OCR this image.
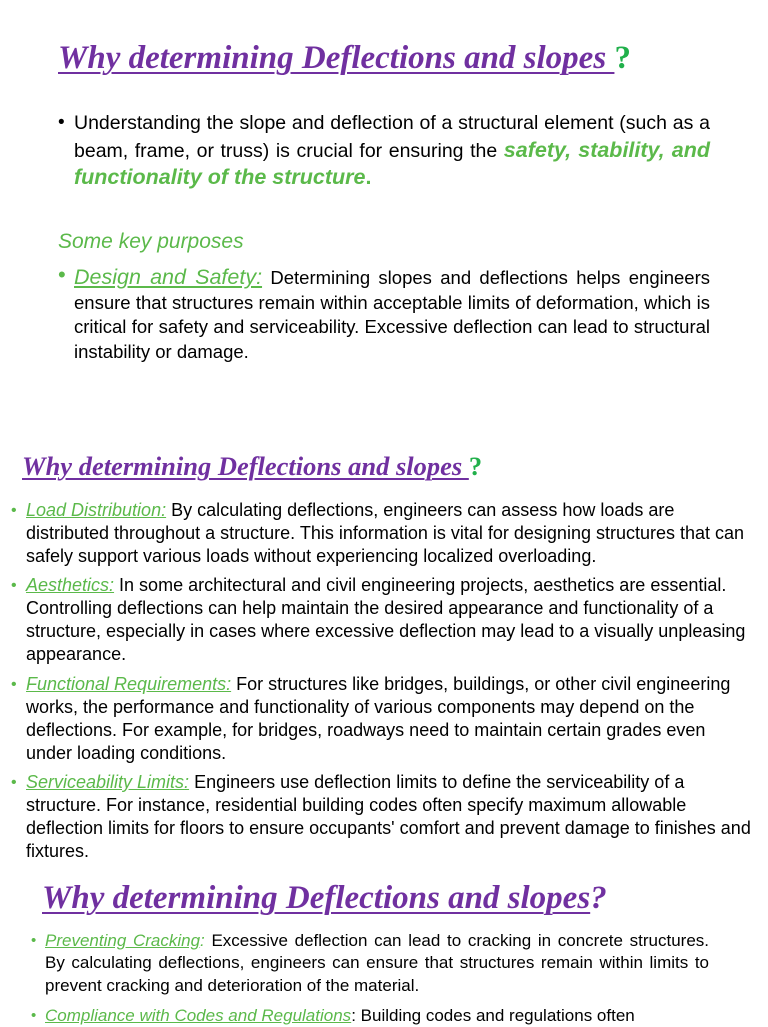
Why determining Deflections and slopes ?
• Understanding the slope and deflection of a structural element (such as a beam, frame, or truss) is crucial for ensuring the safety, stability, and functionality of the structure.

Some key purposes

• Design and Safety: Determining slopes and deflections helps engineers ensure that structures remain within acceptable limits of deformation, which is critical for safety and serviceability. Excessive deflection can lead to structural instability or damage.

Why determining Deflections and slopes ?
• Load Distribution: By calculating deflections, engineers can assess how loads are distributed throughout a structure. This information is vital for designing structures that can safely support various loads without experiencing localized overloading.

• Aesthetics: In some architectural and civil engineering projects, aesthetics are essential. Controlling deflections can help maintain the desired appearance and functionality of a structure, especially in cases where excessive deflection may lead to a visually unpleasing appearance.

• Functional Requirements: For structures like bridges, buildings, or other civil engineering works, the performance and functionality of various components may depend on the deflections. For example, for bridges, roadways need to maintain certain grades even under loading conditions.

• Serviceability Limits: Engineers use deflection limits to define the serviceability of a structure. For instance, residential building codes often specify maximum allowable deflection limits for floors to ensure occupants' comfort and prevent damage to finishes and fixtures.

Why determining Deflections and slopes?
• Preventing Cracking: Excessive deflection can lead to cracking in concrete structures. By calculating deflections, engineers can ensure that structures remain within limits to prevent cracking and deterioration of the material.

• Compliance with Codes and Regulations: Building codes and regulations often
